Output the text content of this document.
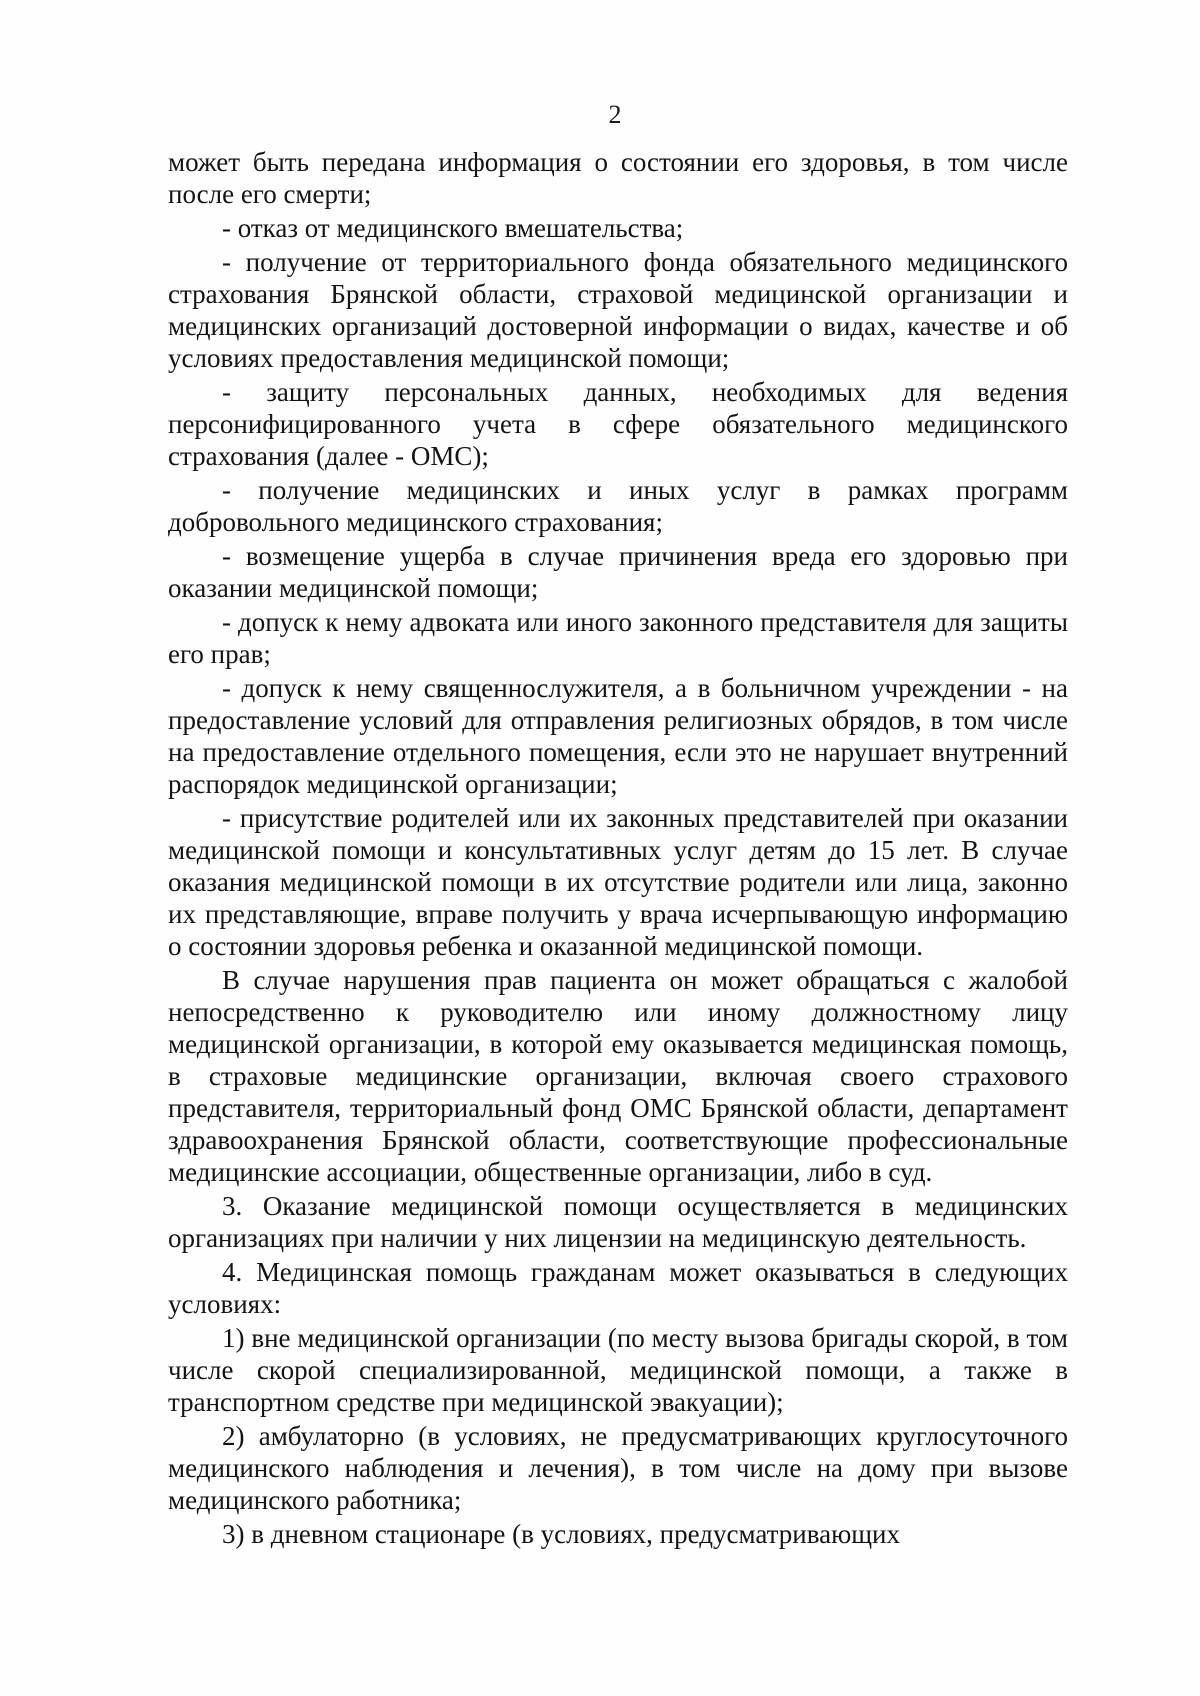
2

может быть передана информация о состоянии его здоровья, в том числе после его смерти;

- отказ от медицинского вмешательства;

- получение от территориального фонда обязательного медицинского страхования Брянской области, страховой медицинской организации и медицинских организаций достоверной информации о видах, качестве и об условиях предоставления медицинской помощи;

- защиту персональных данных, необходимых для ведения персонифицированного учета в сфере обязательного медицинского страхования (далее - ОМС);

- получение медицинских и иных услуг в рамках программ добровольного медицинского страхования;

- возмещение ущерба в случае причинения вреда его здоровью при оказании медицинской помощи;

- допуск к нему адвоката или иного законного представителя для защиты его прав;

- допуск к нему священнослужителя, а в больничном учреждении - на предоставление условий для отправления религиозных обрядов, в том числе на предоставление отдельного помещения, если это не нарушает внутренний распорядок медицинской организации;

- присутствие родителей или их законных представителей при оказании медицинской помощи и консультативных услуг детям до 15 лет. В случае оказания медицинской помощи в их отсутствие родители или лица, законно их представляющие, вправе получить у врача исчерпывающую информацию о состоянии здоровья ребенка и оказанной медицинской помощи.

В случае нарушения прав пациента он может обращаться с жалобой непосредственно к руководителю или иному должностному лицу медицинской организации, в которой ему оказывается медицинская помощь, в страховые медицинские организации, включая своего страхового представителя, территориальный фонд ОМС Брянской области, департамент здравоохранения Брянской области, соответствующие профессиональные медицинские ассоциации, общественные организации, либо в суд.

3. Оказание медицинской помощи осуществляется в медицинских организациях при наличии у них лицензии на медицинскую деятельность.

4. Медицинская помощь гражданам может оказываться в следующих условиях:

1) вне медицинской организации (по месту вызова бригады скорой, в том числе скорой специализированной, медицинской помощи, а также в транспортном средстве при медицинской эвакуации);

2) амбулаторно (в условиях, не предусматривающих круглосуточного медицинского наблюдения и лечения), в том числе на дому при вызове медицинского работника;

3) в дневном стационаре (в условиях, предусматривающих
